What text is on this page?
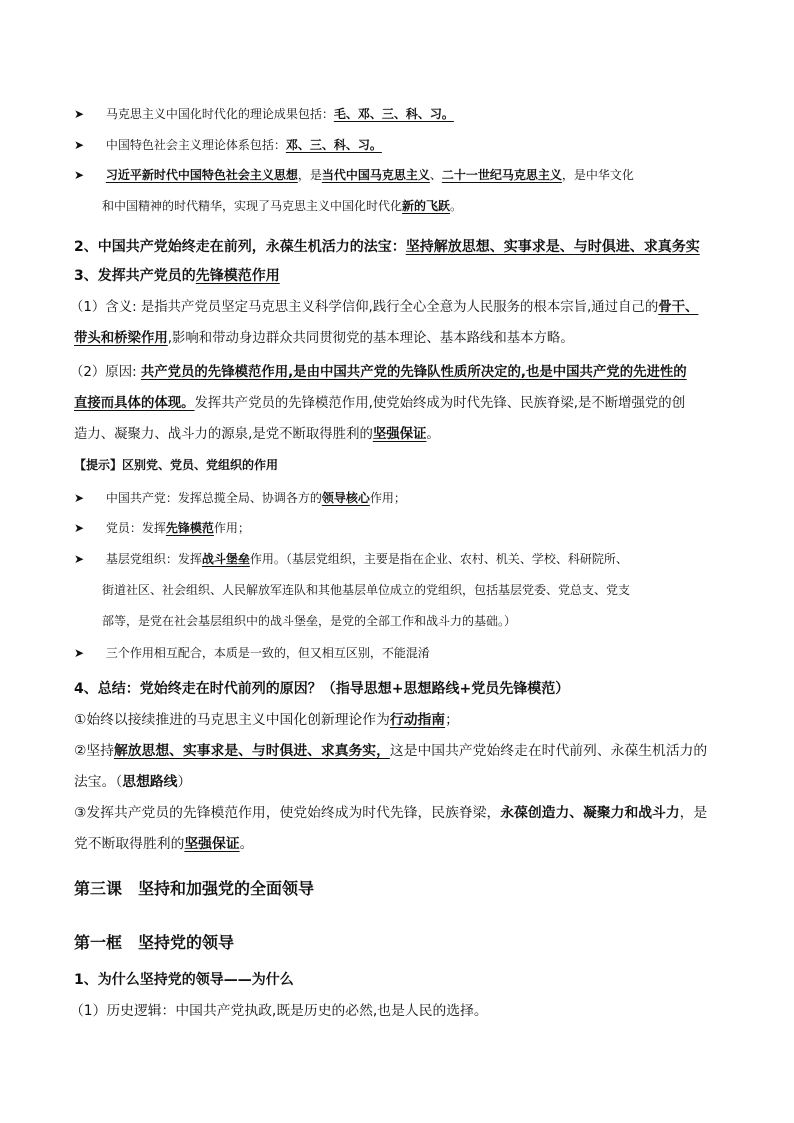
➤ 马克思主义中国化时代化的理论成果包括：毛、邓、三、科、习。
➤ 中国特色社会主义理论体系包括：邓、三、科、习。
➤ 习近平新时代中国特色社会主义思想，是当代中国马克思主义、二十一世纪马克思主义，是中华文化
和中国精神的时代精华，实现了马克思主义中国化时代化新的飞跃。
2、中国共产党始终走在前列，永葆生机活力的法宝：坚持解放思想、实事求是、与时俱进、求真务实
3、发挥共产党员的先锋模范作用
（1）含义: 是指共产党员坚定马克思主义科学信仰,践行全心全意为人民服务的根本宗旨,通过自己的骨干、
带头和桥梁作用,影响和带动身边群众共同贯彻党的基本理论、基本路线和基本方略。
（2）原因: 共产党员的先锋模范作用,是由中国共产党的先锋队性质所决定的,也是中国共产党的先进性的
直接而具体的体现。发挥共产党员的先锋模范作用,使党始终成为时代先锋、民族脊梁,是不断增强党的创
造力、凝聚力、战斗力的源泉,是党不断取得胜利的坚强保证。
【提示】区别党、党员、党组织的作用
➤ 中国共产党：发挥总揽全局、协调各方的领导核心作用；
➤ 党员：发挥先锋模范作用；
➤ 基层党组织：发挥战斗堡垒作用。（基层党组织，主要是指在企业、农村、机关、学校、科研院所、
街道社区、社会组织、人民解放军连队和其他基层单位成立的党组织，包括基层党委、党总支、党支
部等，是党在社会基层组织中的战斗堡垒，是党的全部工作和战斗力的基础。）
➤ 三个作用相互配合，本质是一致的，但又相互区别，不能混淆
4、总结：党始终走在时代前列的原因？（指导思想+思想路线+党员先锋模范）
①始终以接续推进的马克思主义中国化创新理论作为行动指南；
②坚持解放思想、实事求是、与时俱进、求真务实，这是中国共产党始终走在时代前列、永葆生机活力的
法宝。（思想路线）
③发挥共产党员的先锋模范作用，使党始终成为时代先锋，民族脊梁，永葆创造力、凝聚力和战斗力，是
党不断取得胜利的坚强保证。
第三课　坚持和加强党的全面领导
第一框　坚持党的领导
1、为什么坚持党的领导——为什么
（1）历史逻辑：中国共产党执政,既是历史的必然,也是人民的选择。
